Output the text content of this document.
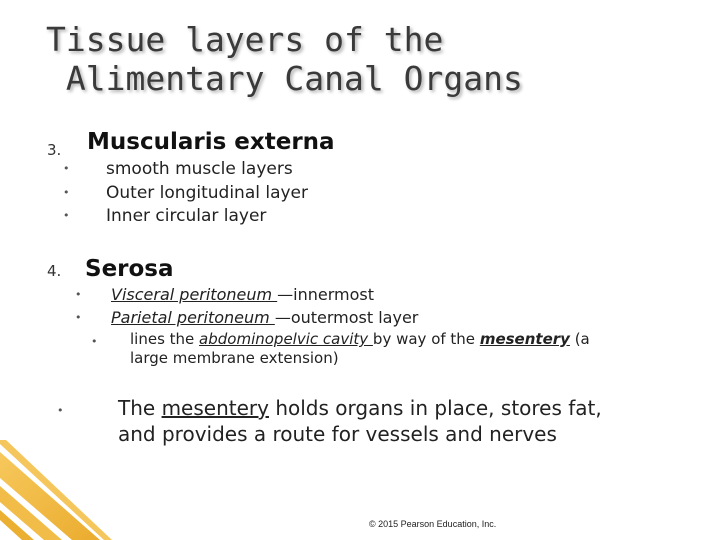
Tissue layers of the
Alimentary Canal Organs
3. Muscularis externa
• smooth muscle layers
• Outer longitudinal layer
• Inner circular layer
4. Serosa
• Visceral peritoneum —innermost
• Parietal peritoneum —outermost layer
• lines the abdominopelvic cavity by way of the mesentery (a
large membrane extension)
•	The mesentery holds organs in place, stores fat,
and provides a route for vessels and nerves
© 2015 Pearson Education, Inc.
